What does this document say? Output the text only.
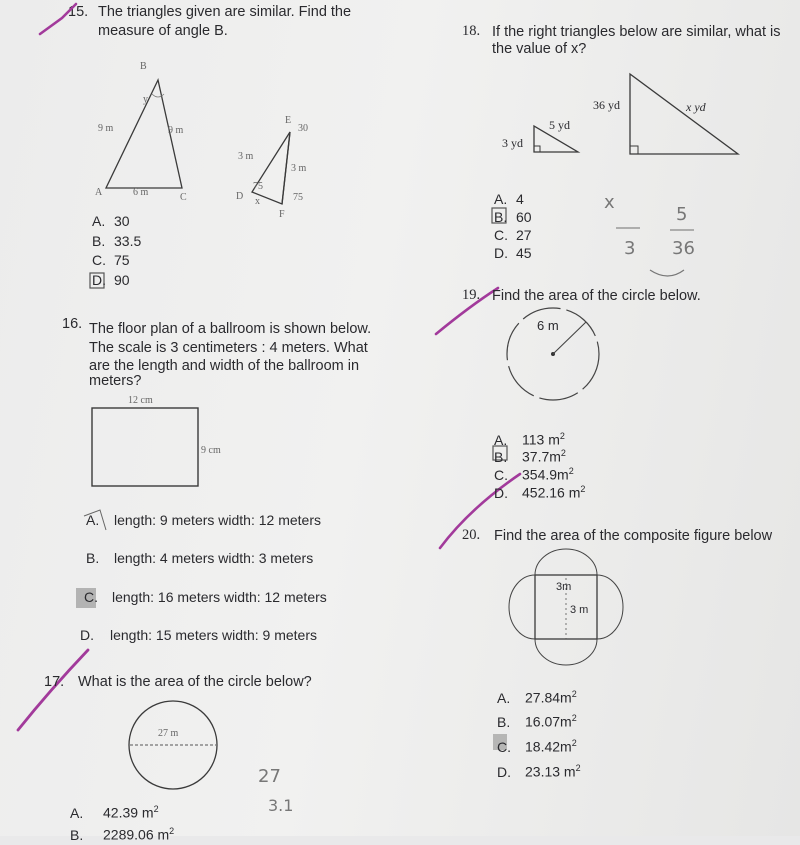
15. The triangles given are similar. Find the
measure of angle B.
B
y
9 m	9 m
A	6 m	C
E
30
3 m
3 m
75
D x	75
F
A. 30
B. 33.5
C. 75
D. 90
16. The floor plan of a ballroom is shown below.
The scale is 3 centimeters : 4 meters. What
are the length and width of the ballroom in
meters?
12 cm
9 cm
A. length: 9 meters width: 12 meters
B. length: 4 meters width: 3 meters
C. length: 16 meters width: 12 meters
D. length: 15 meters width: 9 meters
17. What is the area of the circle below?
27 m
A. 42.39 $m^2$
B. 2289.06 $m^2$
27
3.1
18. If the right triangles below are similar, what is
the value of x?
3 yd
5 yd
36 yd	x yd
A. 4
B. 60
C. 27
D. 45
x
3
5
36
19. Find the area of the circle below.
6 m
A. 113 $m^2$
B. $37.7m^2$
C. $354.9m^2$
D. 452.16 $m^2$
20. Find the area of the composite figure below
3m
3 m
A. $27.84m^2$
B. $16.07m^2$
C. $18.42m^2$
D. 23.13 $m^2$
